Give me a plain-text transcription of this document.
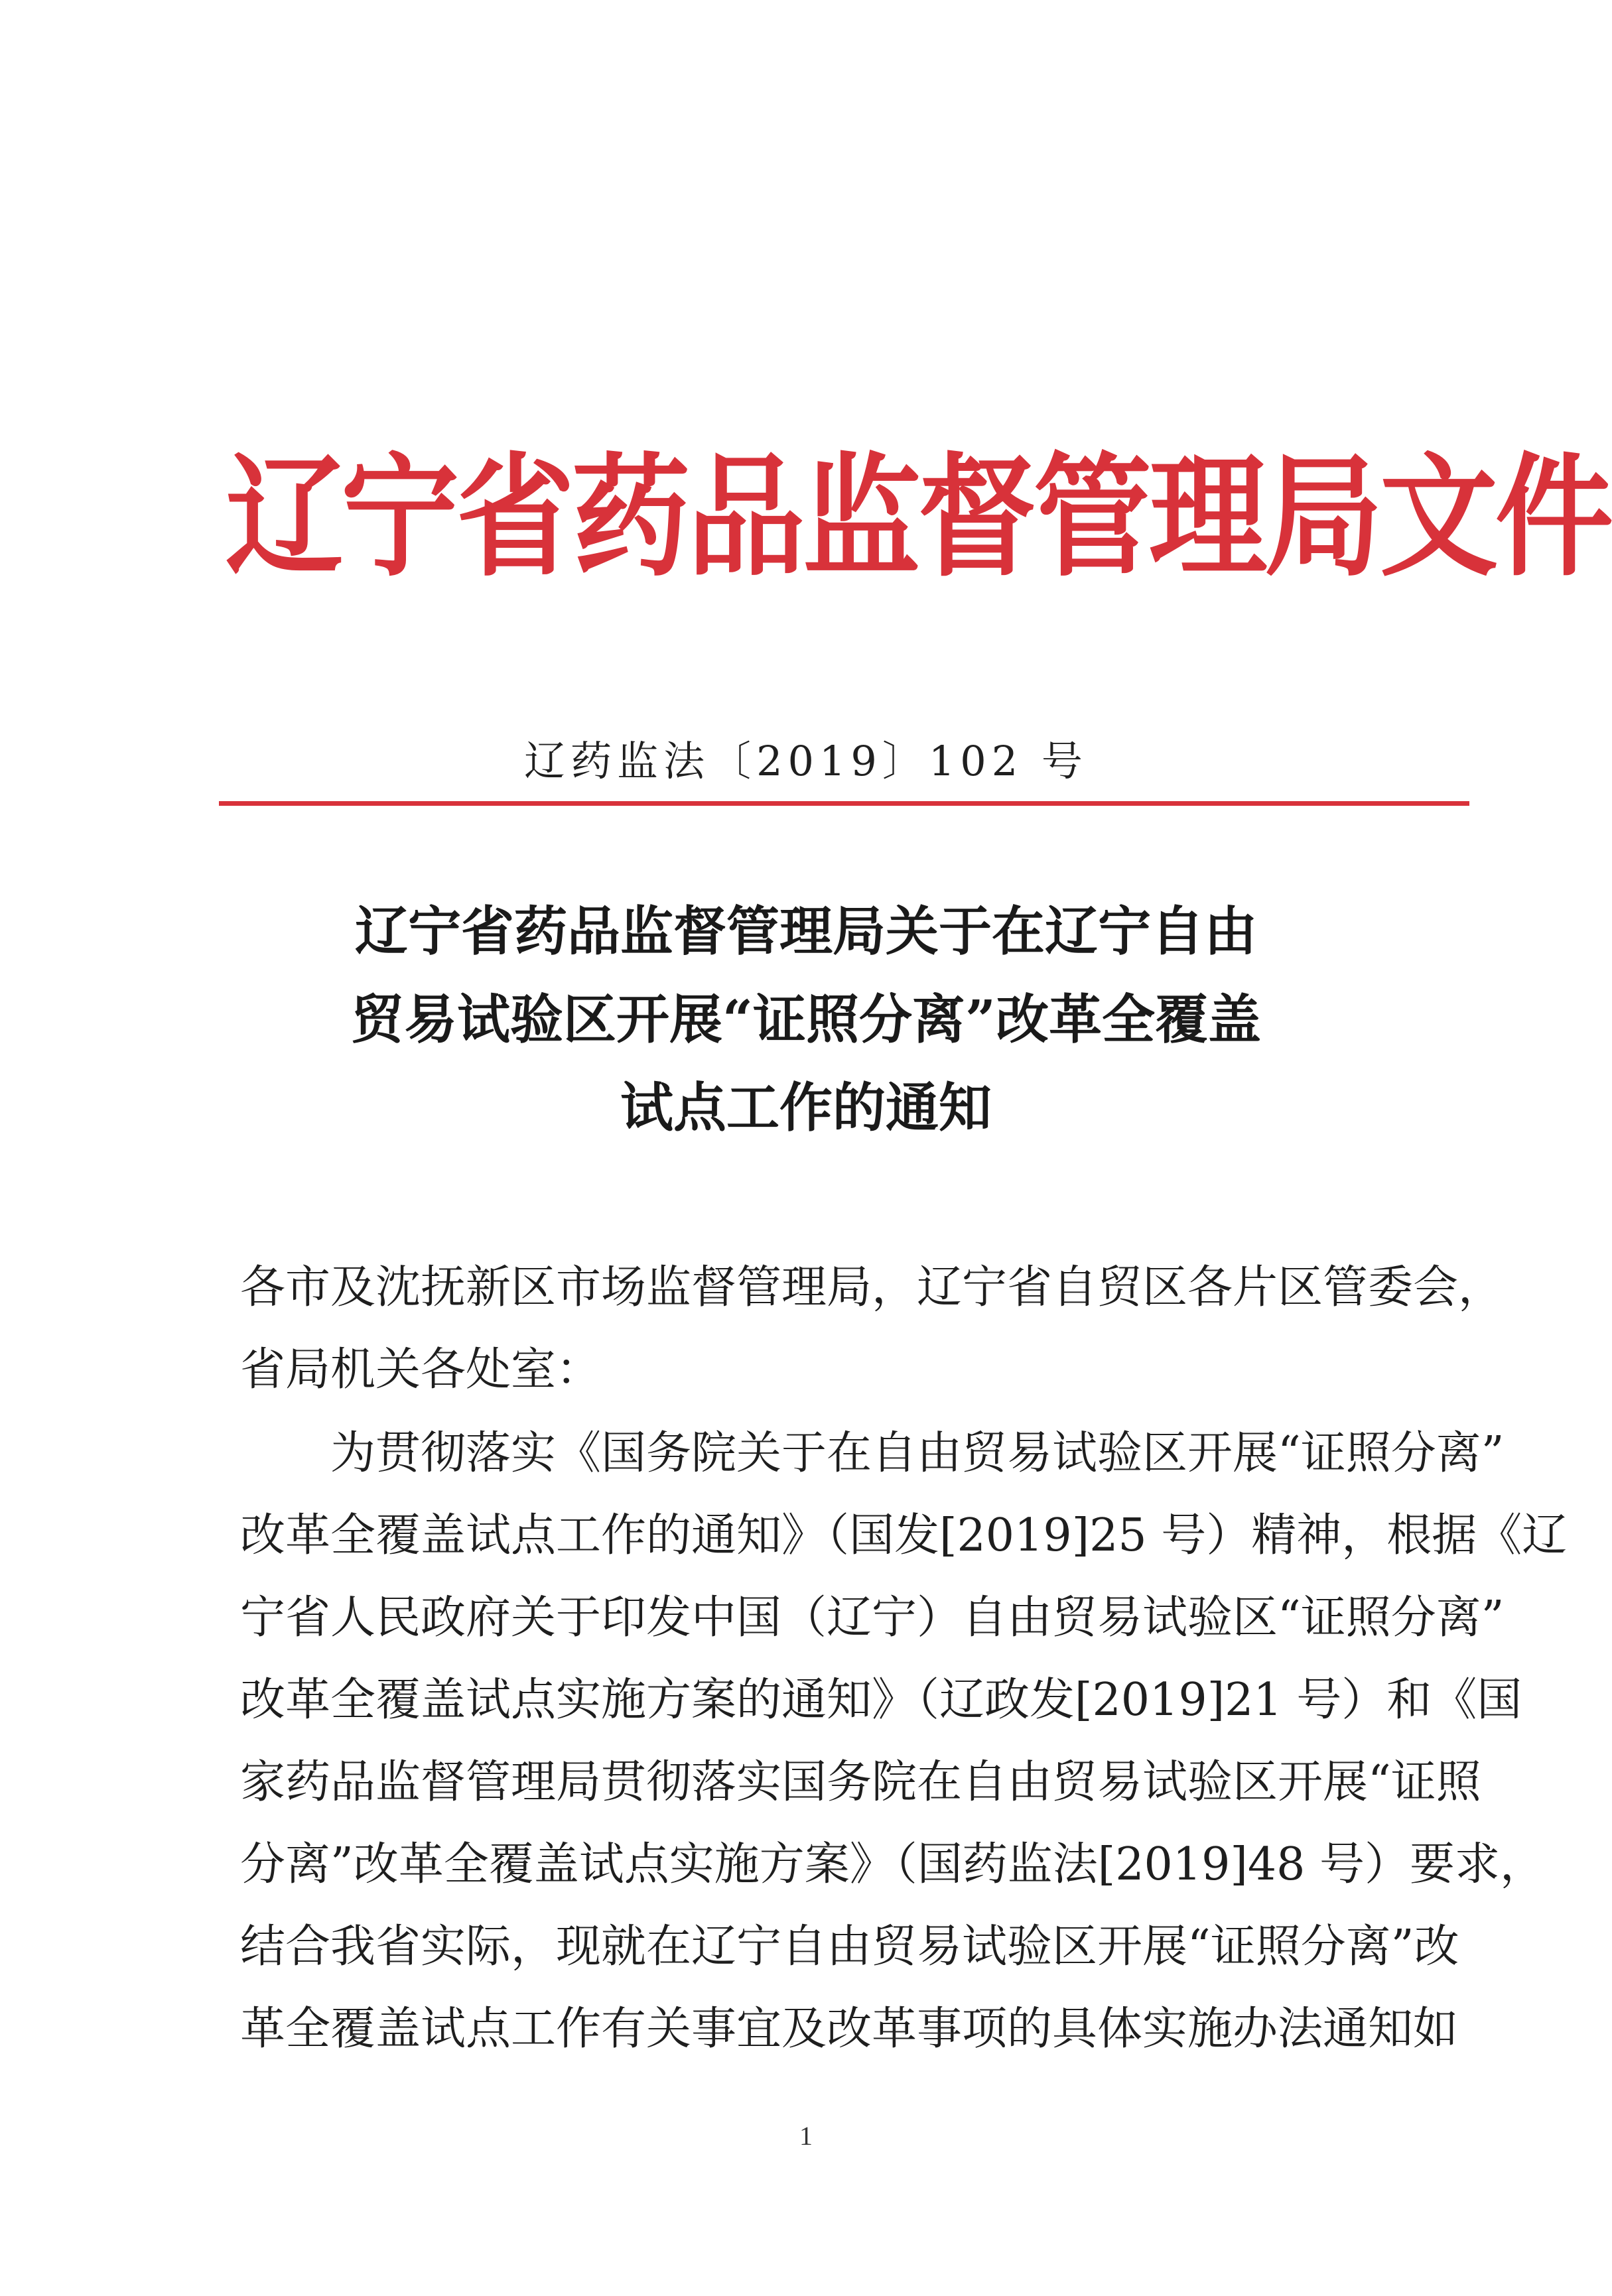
辽宁省药品监督管理局文件
辽药监法〔2019〕102 号
辽宁省药品监督管理局关于在辽宁自由
贸易试验区开展“证照分离”改革全覆盖
试点工作的通知
各市及沈抚新区市场监督管理局，辽宁省自贸区各片区管委会，
省局机关各处室：
为贯彻落实《国务院关于在自由贸易试验区开展“证照分离”
改革全覆盖试点工作的通知》（国发[2019]25 号）精神，根据《辽
宁省人民政府关于印发中国（辽宁）自由贸易试验区“证照分离”
改革全覆盖试点实施方案的通知》（辽政发[2019]21 号）和《国
家药品监督管理局贯彻落实国务院在自由贸易试验区开展“证照
分离”改革全覆盖试点实施方案》（国药监法[2019]48 号）要求，
结合我省实际，现就在辽宁自由贸易试验区开展“证照分离”改
革全覆盖试点工作有关事宜及改革事项的具体实施办法通知如
1
